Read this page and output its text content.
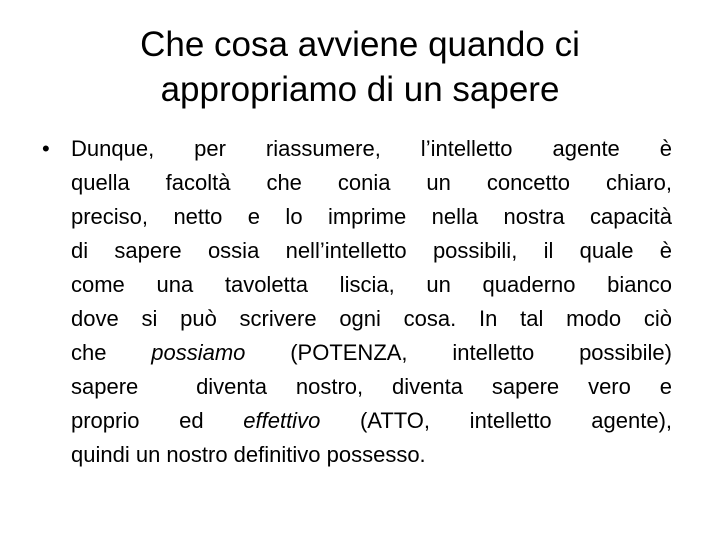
Che cosa avviene quando ci
appropriamo di un sapere
• Dunque, per riassumere, l’intelletto agente è
quella facoltà che conia un concetto chiaro,
preciso, netto e lo imprime nella nostra capacità
di sapere ossia nell’intelletto possibili, il quale è
come una tavoletta liscia, un quaderno bianco
dove si può scrivere ogni cosa. In tal modo ciò
che possiamo (POTENZA, intelletto possibile)
sapere  diventa nostro, diventa sapere vero e
proprio ed effettivo (ATTO, intelletto agente),
quindi un nostro definitivo possesso.
